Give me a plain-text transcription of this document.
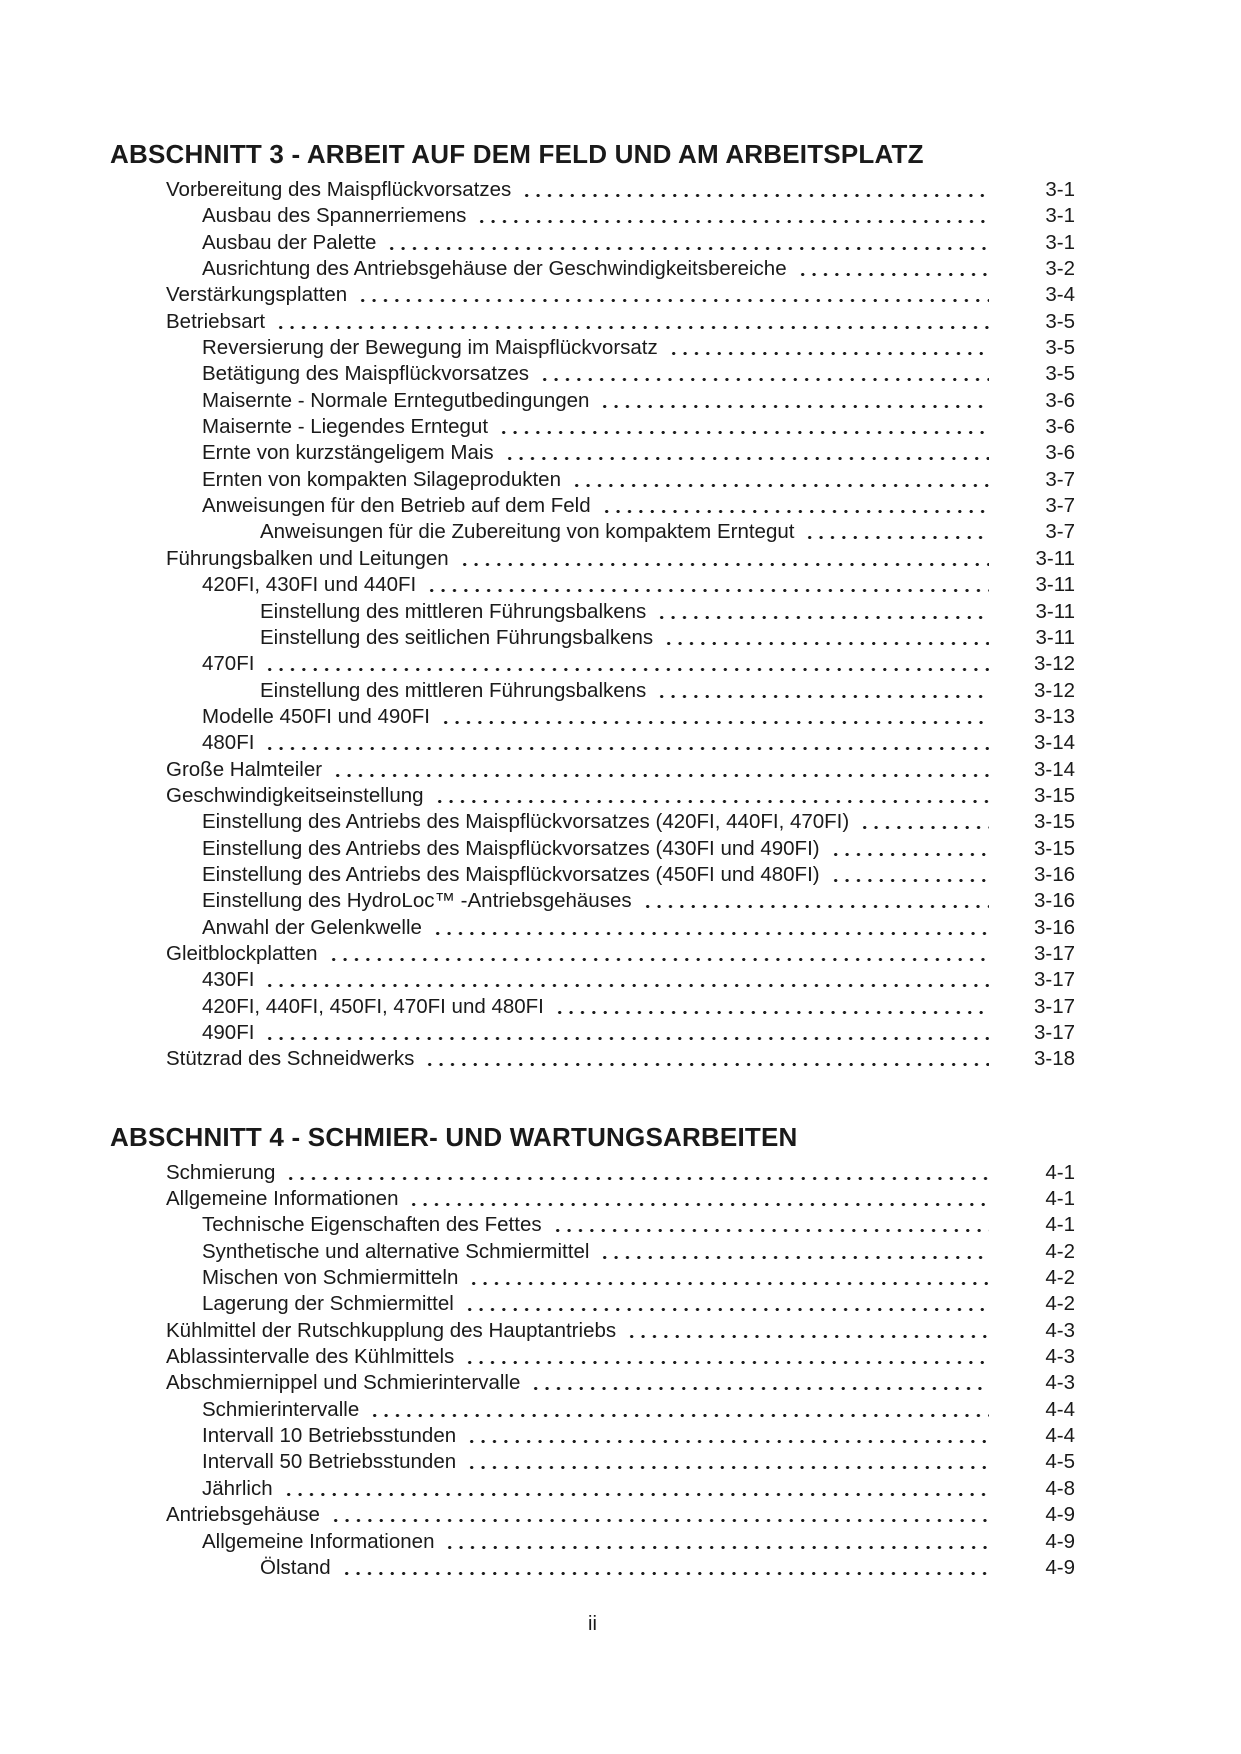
ABSCHNITT 3 - ARBEIT AUF DEM FELD UND AM ARBEITSPLATZ
Vorbereitung des Maispflückvorsatzes	3-1
Ausbau des Spannerriemens	3-1
Ausbau der Palette	3-1
Ausrichtung des Antriebsgehäuse der Geschwindigkeitsbereiche	3-2
Verstärkungsplatten	3-4
Betriebsart	3-5
Reversierung der Bewegung im Maispflückvorsatz	3-5
Betätigung des Maispflückvorsatzes	3-5
Maisernte - Normale Erntegutbedingungen	3-6
Maisernte - Liegendes Erntegut	3-6
Ernte von kurzstängeligem Mais	3-6
Ernten von kompakten Silageprodukten	3-7
Anweisungen für den Betrieb auf dem Feld	3-7
Anweisungen für die Zubereitung von kompaktem Erntegut	3-7
Führungsbalken und Leitungen	3-11
420FI, 430FI und 440FI	3-11
Einstellung des mittleren Führungsbalkens	3-11
Einstellung des seitlichen Führungsbalkens	3-11
470FI	3-12
Einstellung des mittleren Führungsbalkens	3-12
Modelle 450FI und 490FI	3-13
480FI	3-14
Große Halmteiler	3-14
Geschwindigkeitseinstellung	3-15
Einstellung des Antriebs des Maispflückvorsatzes (420FI, 440FI, 470FI)	3-15
Einstellung des Antriebs des Maispflückvorsatzes (430FI und 490FI)	3-15
Einstellung des Antriebs des Maispflückvorsatzes (450FI und 480FI)	3-16
Einstellung des HydroLoc™ -Antriebsgehäuses	3-16
Anwahl der Gelenkwelle	3-16
Gleitblockplatten	3-17
430FI	3-17
420FI, 440FI, 450FI, 470FI und 480FI	3-17
490FI	3-17
Stützrad des Schneidwerks	3-18
ABSCHNITT 4 - SCHMIER- UND WARTUNGSARBEITEN
Schmierung	4-1
Allgemeine Informationen	4-1
Technische Eigenschaften des Fettes	4-1
Synthetische und alternative Schmiermittel	4-2
Mischen von Schmiermitteln	4-2
Lagerung der Schmiermittel	4-2
Kühlmittel der Rutschkupplung des Hauptantriebs	4-3
Ablassintervalle des Kühlmittels	4-3
Abschmiernippel und Schmierintervalle	4-3
Schmierintervalle	4-4
Intervall 10 Betriebsstunden	4-4
Intervall 50 Betriebsstunden	4-5
Jährlich	4-8
Antriebsgehäuse	4-9
Allgemeine Informationen	4-9
Ölstand	4-9
ii
